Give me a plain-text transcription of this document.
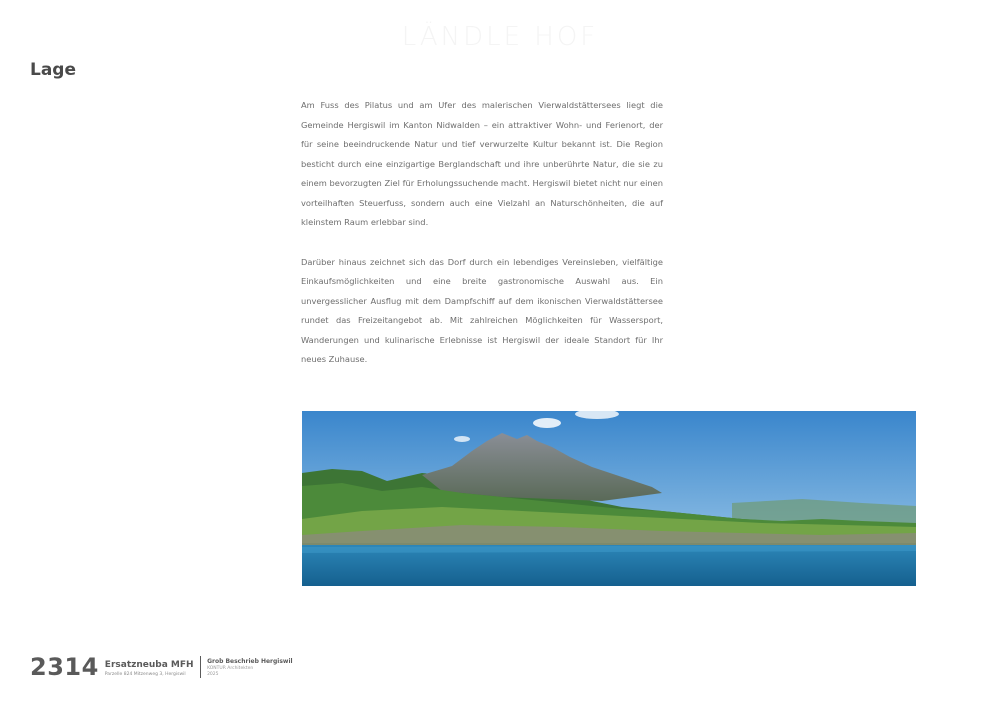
LÄNDLE HOF
Lage

Am Fuss des Pilatus und am Ufer des malerischen Vierwaldstättersees liegt die Gemeinde Hergiswil im Kanton Nidwalden – ein attraktiver Wohn- und Ferienort, der für seine beeindruckende Natur und tief verwurzelte Kultur bekannt ist. Die Region besticht durch eine einzigartige Berglandschaft und ihre unberührte Natur, die sie zu einem bevorzugten Ziel für Erholungssuchende macht. Hergiswil bietet nicht nur einen vorteilhaften Steuerfuss, sondern auch eine Vielzahl an Naturschönheiten, die auf kleinstem Raum erlebbar sind.

Darüber hinaus zeichnet sich das Dorf durch ein lebendiges Vereinsleben, vielfältige Einkaufsmöglichkeiten und eine breite gastronomische Auswahl aus. Ein unvergesslicher Ausflug mit dem Dampfschiff auf dem ikonischen Vierwaldstättersee rundet das Freizeitangebot ab. Mit zahlreichen Möglichkeiten für Wassersport, Wanderungen und kulinarische Erlebnisse ist Hergiswil der ideale Standort für Ihr neues Zuhause.

2314 Ersatzneuba MFH
Parzelle 824 Mitzenweg 3, Hergiswil
Grob Beschrieb Hergiswil
KONTUR Architekten
2025
